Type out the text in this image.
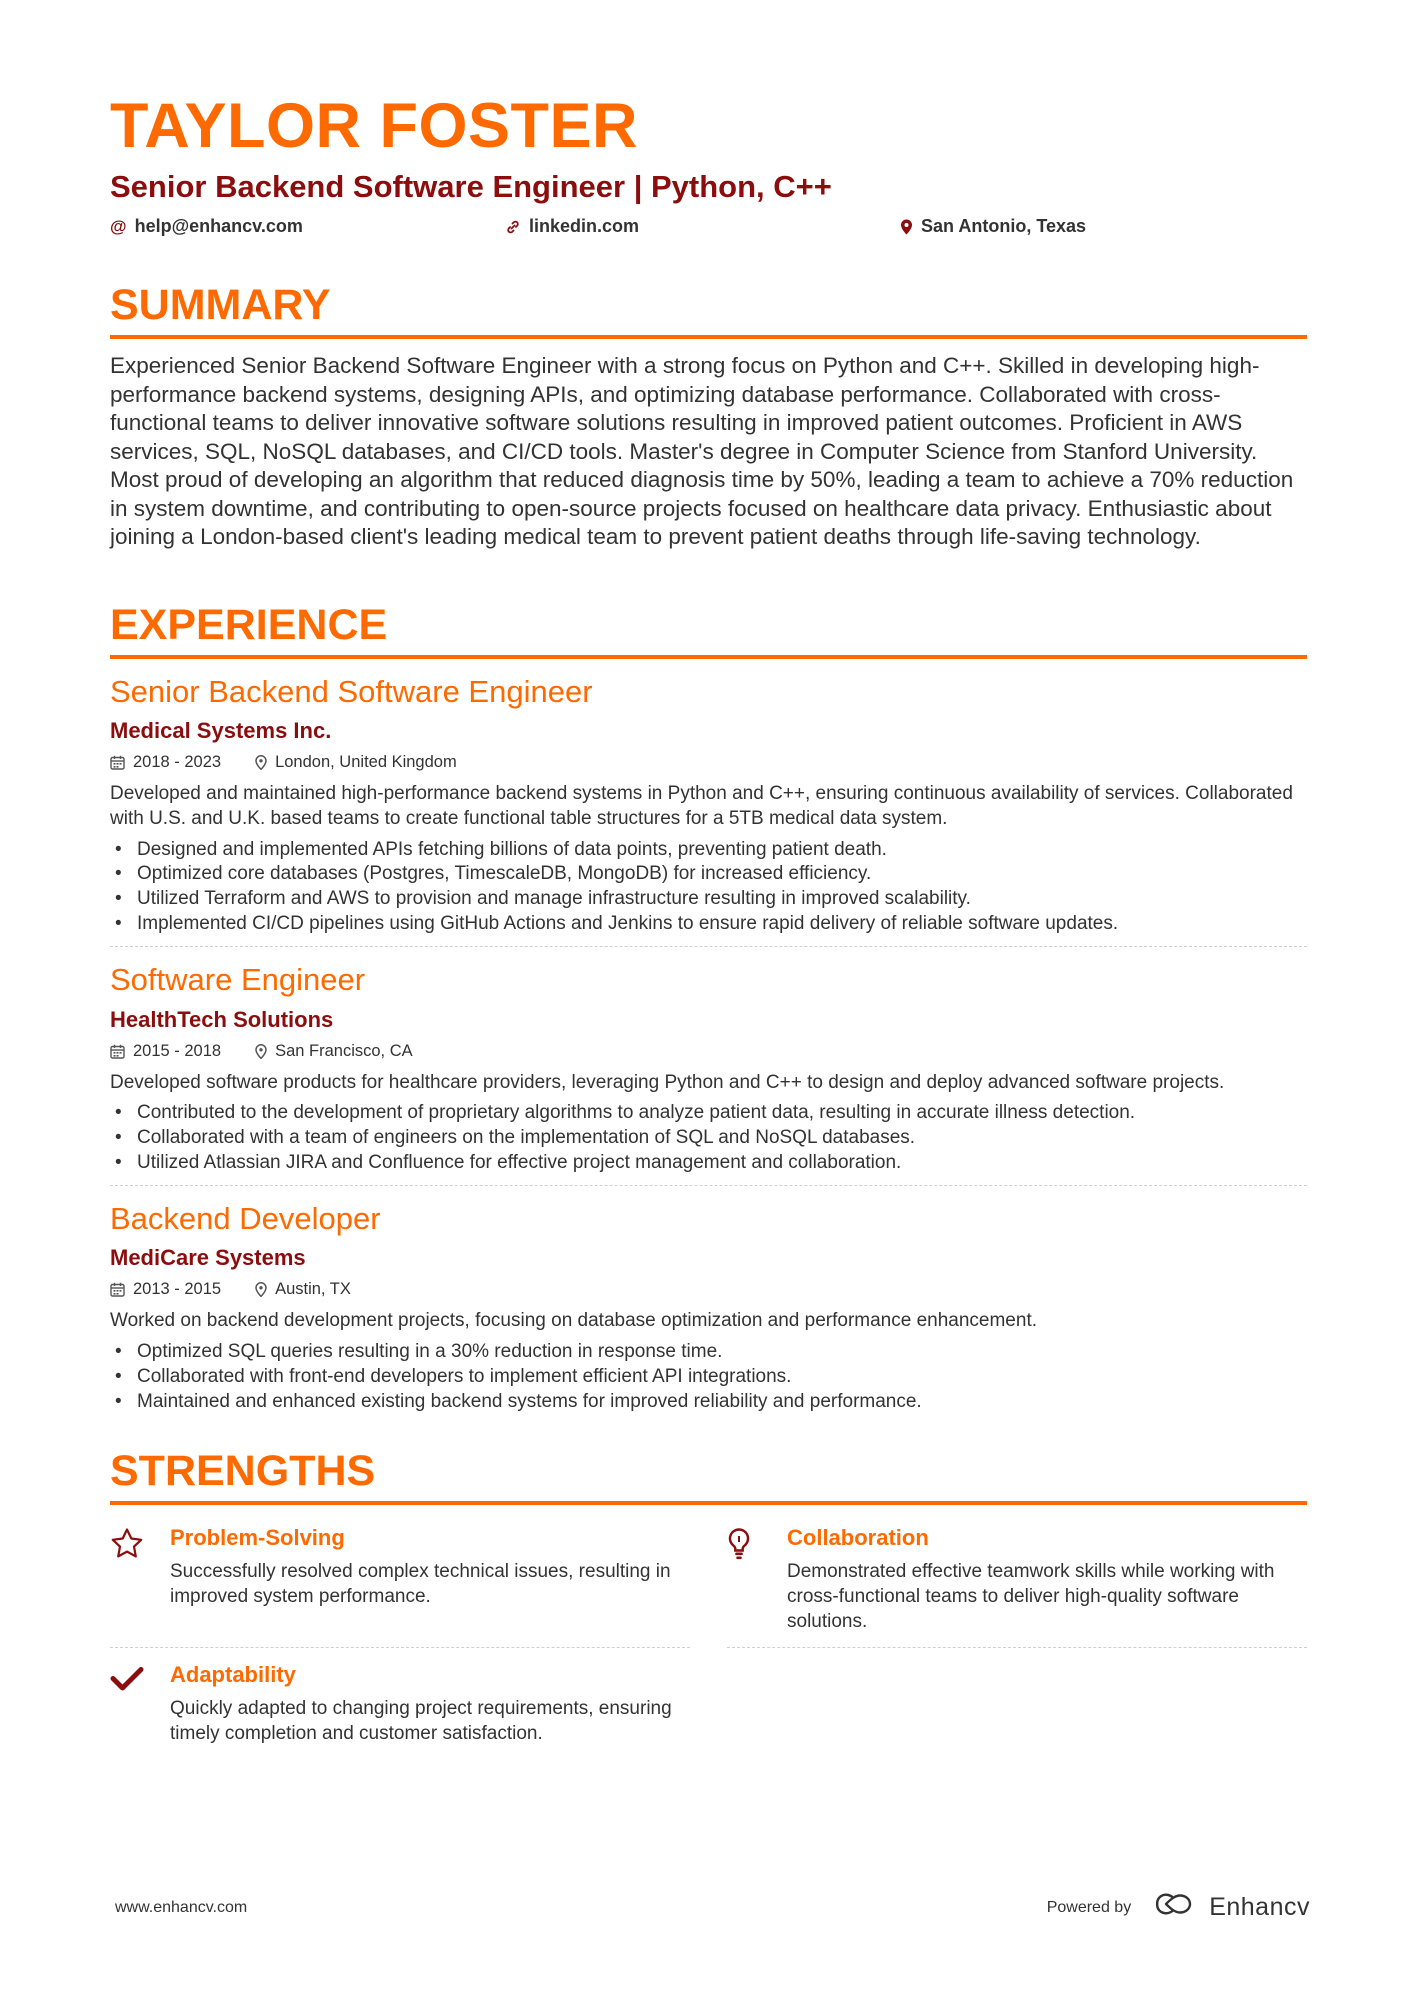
TAYLOR FOSTER
Senior Backend Software Engineer | Python, C++
@ help@enhancv.com	linkedin.com	San Antonio, Texas
SUMMARY
Experienced Senior Backend Software Engineer with a strong focus on Python and C++. Skilled in developing high-performance backend systems, designing APIs, and optimizing database performance. Collaborated with cross-functional teams to deliver innovative software solutions resulting in improved patient outcomes. Proficient in AWS services, SQL, NoSQL databases, and CI/CD tools. Master's degree in Computer Science from Stanford University. Most proud of developing an algorithm that reduced diagnosis time by 50%, leading a team to achieve a 70% reduction in system downtime, and contributing to open-source projects focused on healthcare data privacy. Enthusiastic about joining a London-based client's leading medical team to prevent patient deaths through life-saving technology.
EXPERIENCE
Senior Backend Software Engineer
Medical Systems Inc.
2018 - 2023	London, United Kingdom
Developed and maintained high-performance backend systems in Python and C++, ensuring continuous availability of services. Collaborated with U.S. and U.K. based teams to create functional table structures for a 5TB medical data system.
• Designed and implemented APIs fetching billions of data points, preventing patient death.
• Optimized core databases (Postgres, TimescaleDB, MongoDB) for increased efficiency.
• Utilized Terraform and AWS to provision and manage infrastructure resulting in improved scalability.
• Implemented CI/CD pipelines using GitHub Actions and Jenkins to ensure rapid delivery of reliable software updates.
Software Engineer
HealthTech Solutions
2015 - 2018	San Francisco, CA
Developed software products for healthcare providers, leveraging Python and C++ to design and deploy advanced software projects.
• Contributed to the development of proprietary algorithms to analyze patient data, resulting in accurate illness detection.
• Collaborated with a team of engineers on the implementation of SQL and NoSQL databases.
• Utilized Atlassian JIRA and Confluence for effective project management and collaboration.
Backend Developer
MediCare Systems
2013 - 2015	Austin, TX
Worked on backend development projects, focusing on database optimization and performance enhancement.
• Optimized SQL queries resulting in a 30% reduction in response time.
• Collaborated with front-end developers to implement efficient API integrations.
• Maintained and enhanced existing backend systems for improved reliability and performance.
STRENGTHS
Problem-Solving
Successfully resolved complex technical issues, resulting in improved system performance.
Collaboration
Demonstrated effective teamwork skills while working with cross-functional teams to deliver high-quality software solutions.
Adaptability
Quickly adapted to changing project requirements, ensuring timely completion and customer satisfaction.
www.enhancv.com	Powered by	Enhancv
